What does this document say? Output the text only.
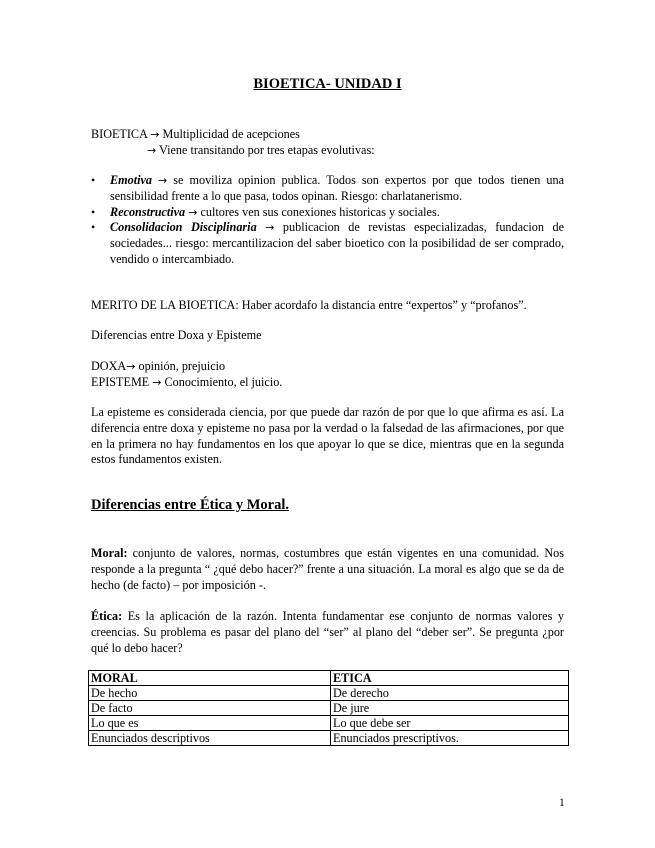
BIOETICA- UNIDAD I
BIOETICA → Multiplicidad de acepciones
→ Viene transitando por tres etapas evolutivas:
• Emotiva → se moviliza opinion publica. Todos son expertos por que todos tienen una sensibilidad frente a lo que pasa, todos opinan. Riesgo: charlatanerismo.
• Reconstructiva → cultores ven sus conexiones historicas y sociales.
• Consolidacion Disciplinaria → publicacion de revistas especializadas, fundacion de sociedades... riesgo: mercantilizacion del saber bioetico con la posibilidad de ser comprado, vendido o intercambiado.

MERITO DE LA BIOETICA: Haber acordafo la distancia entre “expertos” y “profanos”.

Diferencias entre Doxa y Episteme

DOXA→ opinión, prejuicio
EPISTEME → Conocimiento, el juicio.

La episteme es considerada ciencia, por que puede dar razón de por que lo que afirma es así. La diferencia entre doxa y episteme no pasa por la verdad o la falsedad de las afirmaciones, por que en la primera no hay fundamentos en los que apoyar lo que se dice, mientras que en la segunda estos fundamentos existen.

Diferencias entre Ética y Moral.

Moral: conjunto de valores, normas, costumbres que están vigentes en una comunidad. Nos responde a la pregunta “ ¿qué debo hacer?” frente a una situación. La moral es algo que se da de hecho (de facto) – por imposición -.

Ética: Es la aplicación de la razón. Intenta fundamentar ese conjunto de normas valores y creencias. Su problema es pasar del plano del “ser” al plano del “deber ser”. Se pregunta ¿por qué lo debo hacer?

MORAL	ETICA
De hecho	De derecho
De facto	De jure
Lo que es	Lo que debe ser
Enunciados descriptivos	Enunciados prescriptivos.
1
